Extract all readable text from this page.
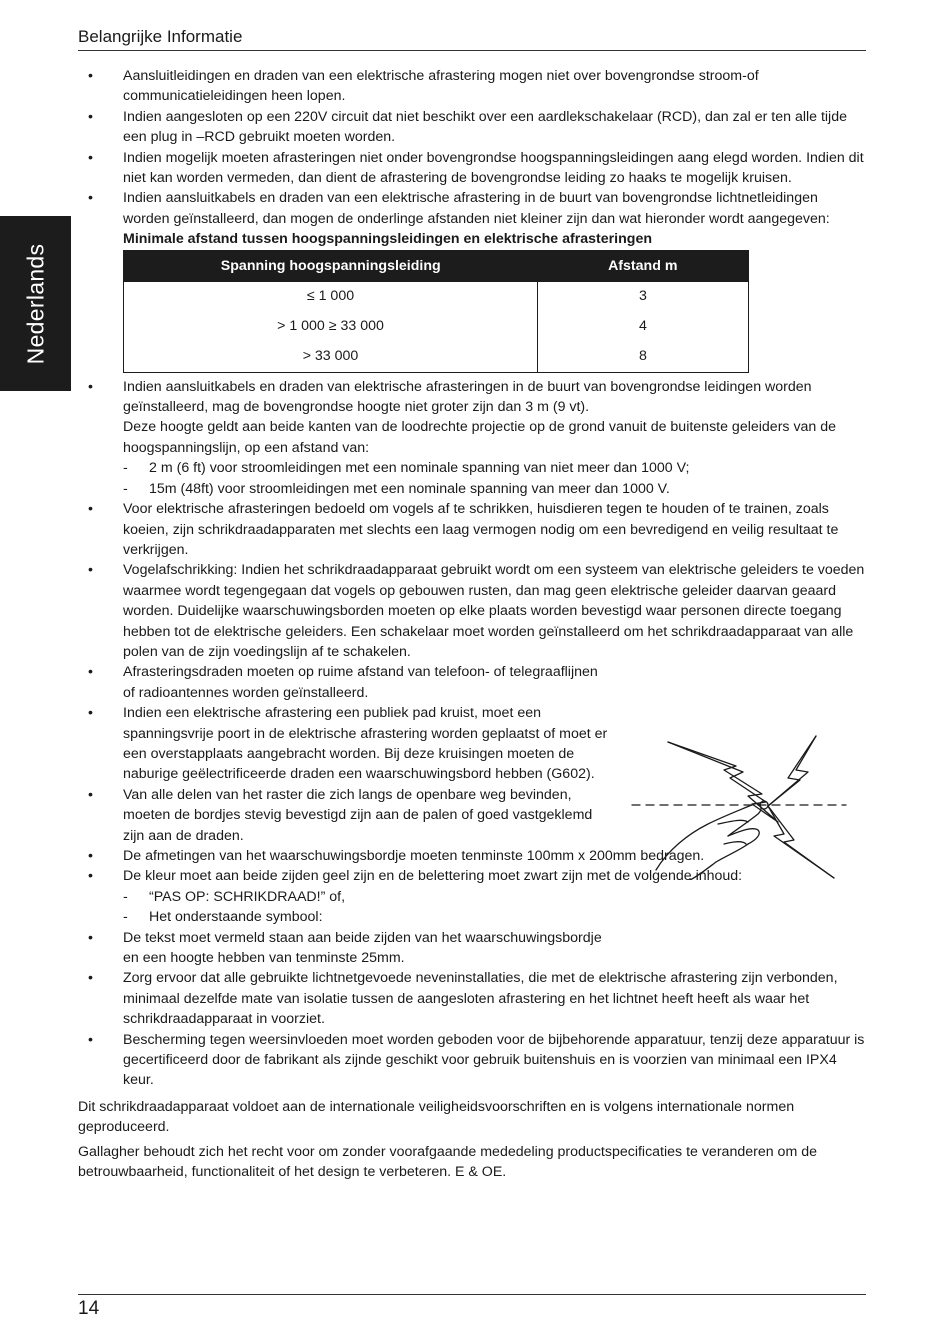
Belangrijke Informatie
Nederlands
• Aansluitleidingen en draden van een elektrische afrastering mogen niet over bovengrondse stroom-of communicatieleidingen heen lopen.

• Indien aangesloten op een 220V circuit dat niet beschikt over een aardlekschakelaar (RCD), dan zal er ten alle tijde een plug in –RCD gebruikt moeten worden.

• Indien mogelijk moeten afrasteringen niet onder bovengrondse hoogspanningsleidingen aang elegd worden. Indien dit niet kan worden vermeden, dan dient de afrastering de bovengrondse leiding zo haaks te mogelijk kruisen.

• Indien aansluitkabels en draden van een elektrische afrastering in de buurt van bovengrondse lichtnetleidingen worden geïnstalleerd, dan mogen de onderlinge afstanden niet kleiner zijn dan wat hieronder wordt aangegeven:

Minimale afstand tussen hoogspanningsleidingen en elektrische afrasteringen

Spanning hoogspanningsleiding	Afstand m
≤ 1 000	3
> 1 000 ≥ 33 000	4
> 33 000	8
• Indien aansluitkabels en draden van elektrische afrasteringen in de buurt van bovengrondse leidingen worden geïnstalleerd, mag de bovengrondse hoogte niet groter zijn dan 3 m (9 vt).

Deze hoogte geldt aan beide kanten van de loodrechte projectie op de grond vanuit de buitenste geleiders van de hoogspanningslijn, op een afstand van:

- 2 m (6 ft) voor stroomleidingen met een nominale spanning van niet meer dan 1000 V;

- 15m (48ft) voor stroomleidingen met een nominale spanning van meer dan 1000 V.

• Voor elektrische afrasteringen bedoeld om vogels af te schrikken, huisdieren tegen te houden of te trainen, zoals koeien, zijn schrikdraadapparaten met slechts een laag vermogen nodig om een bevredigend en veilig resultaat te verkrijgen.

• Vogelafschrikking: Indien het schrikdraadapparaat gebruikt wordt om een systeem van elektrische geleiders te voeden waarmee wordt tegengegaan dat vogels op gebouwen rusten, dan mag geen elektrische geleider daarvan geaard worden. Duidelijke waarschuwingsborden moeten op elke plaats worden bevestigd waar personen directe toegang hebben tot de elektrische geleiders. Een schakelaar moet worden geïnstalleerd om het schrikdraadapparaat van alle polen van de zijn voedingslijn af te schakelen.

• Afrasteringsdraden moeten op ruime afstand van telefoon- of telegraaflijnen of radioantennes worden geïnstalleerd.

• Indien een elektrische afrastering een publiek pad kruist, moet een spanningsvrije poort in de elektrische afrastering worden geplaatst of moet er een overstapplaats aangebracht worden. Bij deze kruisingen moeten de naburige geëlectrificeerde draden een waarschuwingsbord hebben (G602).

• Van alle delen van het raster die zich langs de openbare weg bevinden, moeten de bordjes stevig bevestigd zijn aan de palen of goed vastgeklemd zijn aan de draden.

• De afmetingen van het waarschuwingsbordje moeten tenminste 100mm x 200mm bedragen.

• De kleur moet aan beide zijden geel zijn en de belettering moet zwart zijn met de volgende inhoud:

- “PAS OP: SCHRIKDRAAD!” of,

- Het onderstaande symbool:

• De tekst moet vermeld staan aan beide zijden van het waarschuwingsbordje en een hoogte hebben van tenminste 25mm.

• Zorg ervoor dat alle gebruikte lichtnetgevoede neveninstallaties, die met de elektrische afrastering zijn verbonden, minimaal dezelfde mate van isolatie tussen de aangesloten afrastering en het lichtnet heeft heeft als waar het schrikdraadapparaat in voorziet.

• Bescherming tegen weersinvloeden moet worden geboden voor de bijbehorende apparatuur, tenzij deze apparatuur is gecertificeerd door de fabrikant als zijnde geschikt voor gebruik buitenshuis en is voorzien van minimaal een IPX4 keur.

Dit schrikdraadapparaat voldoet aan de internationale veiligheidsvoorschriften en is volgens internationale normen geproduceerd.

Gallagher behoudt zich het recht voor om zonder voorafgaande mededeling productspecificaties te veranderen om de betrouwbaarheid, functionaliteit of het design te verbeteren. E & OE.

14
